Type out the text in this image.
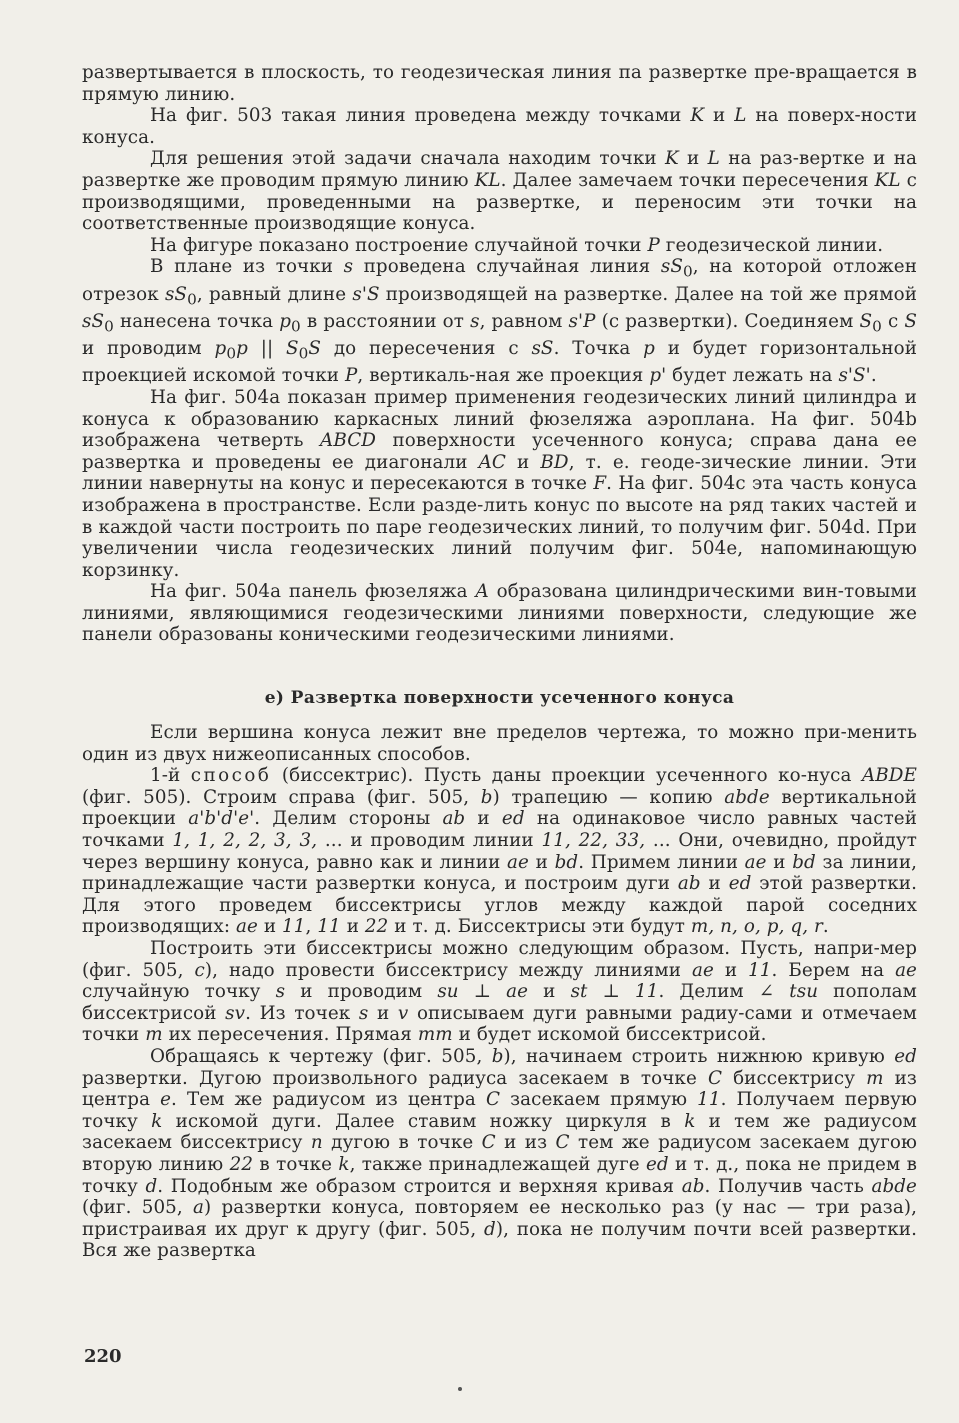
развертывается в плоскость, то геодезическая линия па развертке пре-вращается в прямую линию.

На фиг. 503 такая линия проведена между точками K и L на поверх-ности конуса.

Для решения этой задачи сначала находим точки K и L на раз-вертке и на развертке же проводим прямую линию KL. Далее замечаем точки пересечения KL с производящими, проведенными на развертке, и переносим эти точки на соответственные производящие конуса.

На фигуре показано построение случайной точки P геодезической линии.

В плане из точки s проведена случайная линия $sS_0$, на которой отложен отрезок $sS_0$, равный длине s'S производящей на развертке. Далее на той же прямой $sS_0$ нанесена точка $p_0$ в расстоянии от s, равном s'P (с развертки). Соединяем $S_0$ с S и проводим $p_0p$ || $S_0S$ до пересечения с sS. Точка p и будет горизонтальной проекцией искомой точки P, вертикаль-ная же проекция p' будет лежать на s'S'.

На фиг. 504а показан пример применения геодезических линий цилиндра и конуса к образованию каркасных линий фюзеляжа аэроплана. На фиг. 504b изображена четверть ABCD поверхности усеченного конуса; справа дана ее развертка и проведены ее диагонали AC и BD, т. е. геоде-зические линии. Эти линии навернуты на конус и пересекаются в точке F. На фиг. 504с эта часть конуса изображена в пространстве. Если разде-лить конус по высоте на ряд таких частей и в каждой части построить по паре геодезических линий, то получим фиг. 504d. При увеличении числа геодезических линий получим фиг. 504е, напоминающую корзинку.

На фиг. 504а панель фюзеляжа A образована цилиндрическими вин-товыми линиями, являющимися геодезическими линиями поверхности, следующие же панели образованы коническими геодезическими линиями.

е) Развертка поверхности усеченного конуса

Если вершина конуса лежит вне пределов чертежа, то можно при-менить один из двух нижеописанных способов.

1-й способ (биссектрис). Пусть даны проекции усеченного ко-нуса ABDE (фиг. 505). Строим справа (фиг. 505, b) трапецию — копию abde вертикальной проекции a'b'd'e'. Делим стороны ab и ed на одинаковое число равных частей точками 1, 1, 2, 2, 3, 3, ... и проводим линии 11, 22, 33, ... Они, очевидно, пройдут через вершину конуса, равно как и линии ae и bd. Примем линии ae и bd за линии, принадлежащие части развертки конуса, и построим дуги ab и ed этой развертки. Для этого проведем биссектрисы углов между каждой парой соседних производящих: ae и 11, 11 и 22 и т. д. Биссектрисы эти будут m, n, o, p, q, r.

Построить эти биссектрисы можно следующим образом. Пусть, напри-мер (фиг. 505, c), надо провести биссектрису между линиями ae и 11. Берем на ae случайную точку s и проводим su ⊥ ae и st ⊥ 11. Делим ∠ tsu пополам биссектрисой sv. Из точек s и v описываем дуги равными радиу-сами и отмечаем точки m их пересечения. Прямая mm и будет искомой биссектрисой.

Обращаясь к чертежу (фиг. 505, b), начинаем строить нижнюю кривую ed развертки. Дугою произвольного радиуса засекаем в точке C биссектрису m из центра e. Тем же радиусом из центра C засекаем прямую 11. Получаем первую точку k искомой дуги. Далее ставим ножку циркуля в k и тем же радиусом засекаем биссектрису n дугою в точке C и из C тем же радиусом засекаем дугою вторую линию 22 в точке k, также принадлежащей дуге ed и т. д., пока не придем в точку d. Подобным же образом строится и верхняя кривая ab. Получив часть abde (фиг. 505, a) развертки конуса, повторяем ее несколько раз (у нас — три раза), пристраивая их друг к другу (фиг. 505, d), пока не получим почти всей развертки. Вся же развертка

220
